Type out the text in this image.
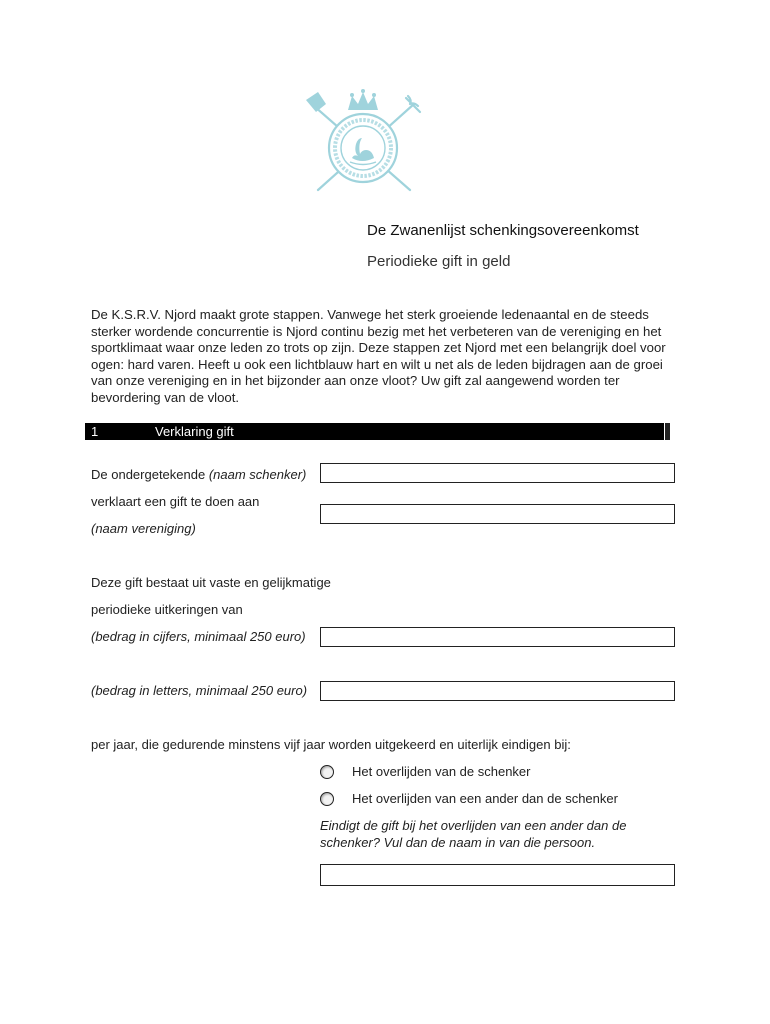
De Zwanenlijst schenkingsovereenkomst
Periodieke gift in geld
De K.S.R.V. Njord maakt grote stappen. Vanwege het sterk groeiende ledenaantal en de steeds sterker wordende concurrentie is Njord continu bezig met het verbeteren van de vereniging en het sportklimaat waar onze leden zo trots op zijn. Deze stappen zet Njord met een belangrijk doel voor ogen: hard varen. Heeft u ook een lichtblauw hart en wilt u net als de leden bijdragen aan de groei van onze vereniging en in het bijzonder aan onze vloot? Uw gift zal aangewend worden ter bevordering van de vloot.
1	Verklaring gift
De ondergetekende (naam schenker)
verklaart een gift te doen aan
(naam vereniging)
Deze gift bestaat uit vaste en gelijkmatige
periodieke uitkeringen van
(bedrag in cijfers, minimaal 250 euro)
(bedrag in letters, minimaal 250 euro)
per jaar, die gedurende minstens vijf jaar worden uitgekeerd en uiterlijk eindigen bij:
Het overlijden van de schenker
Het overlijden van een ander dan de schenker
Eindigt de gift bij het overlijden van een ander dan de schenker? Vul dan de naam in van die persoon.
